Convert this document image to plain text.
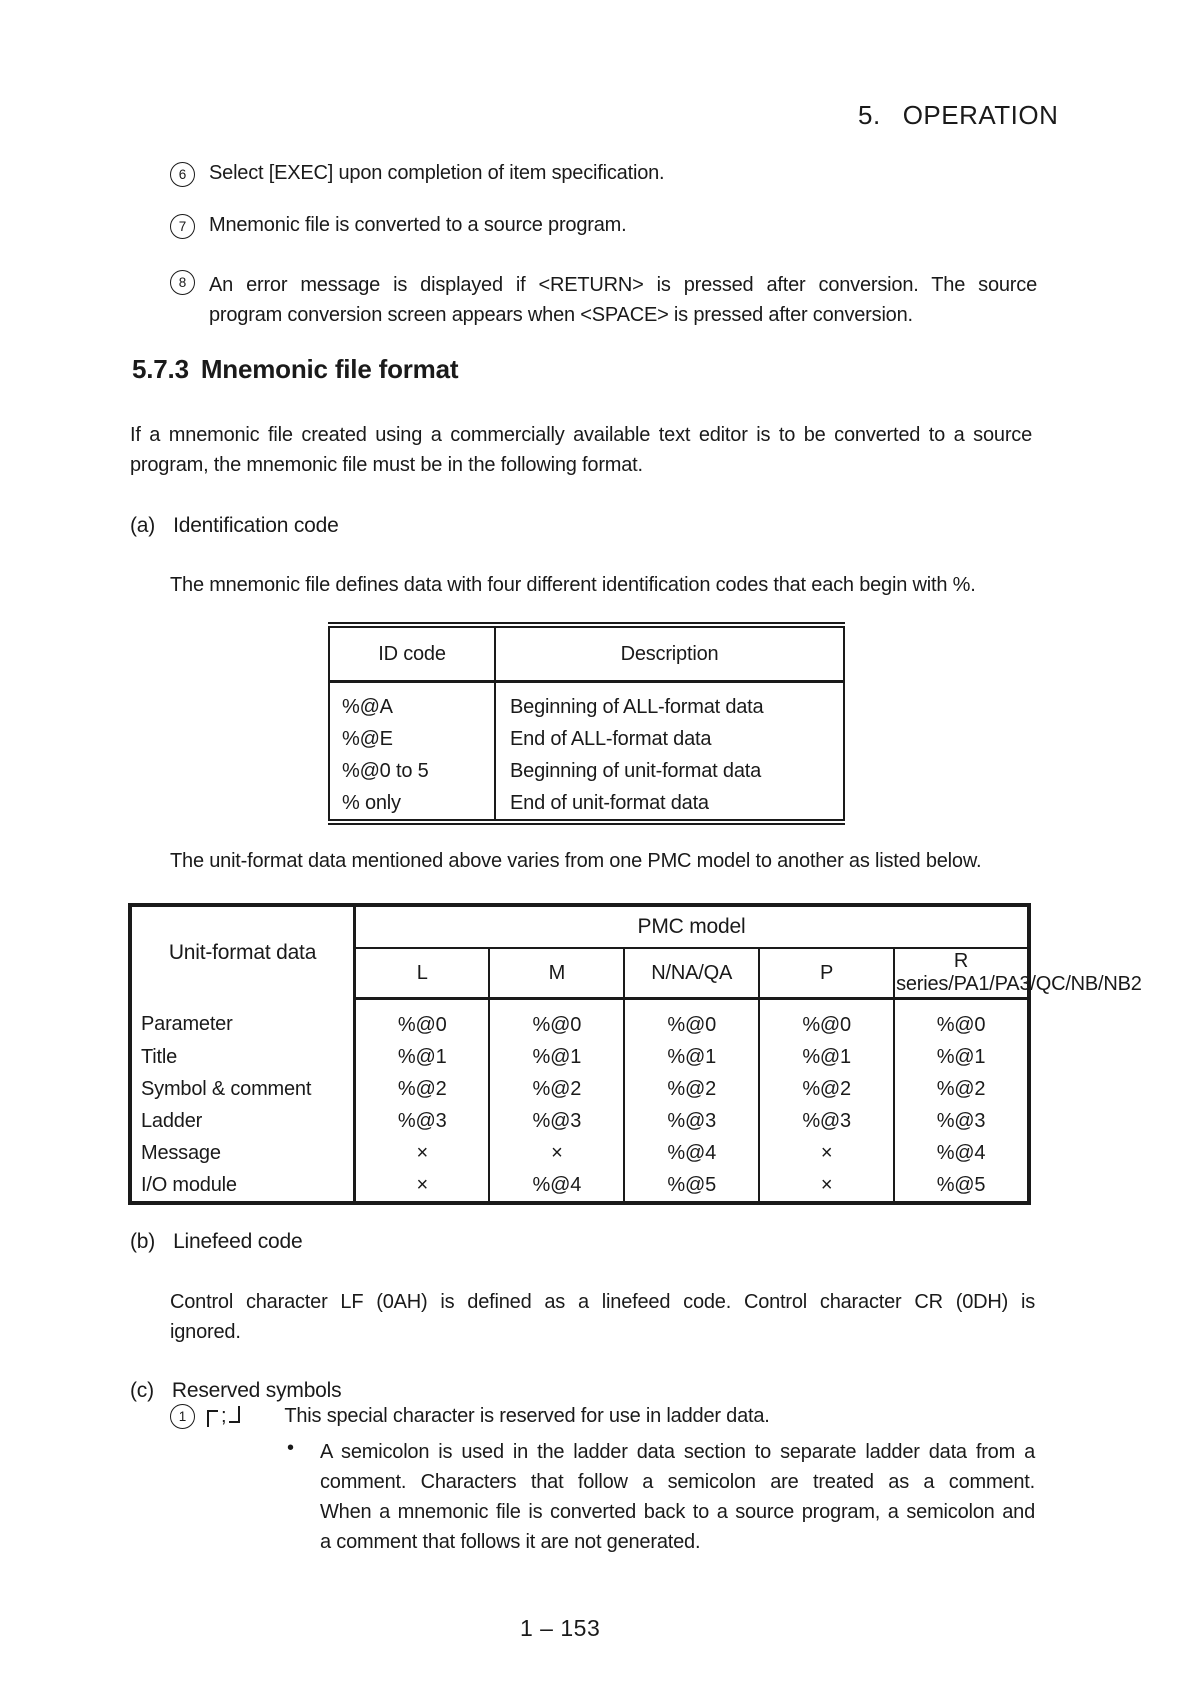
5. OPERATION
6	Select [EXEC] upon completion of item specification.
7	Mnemonic file is converted to a source program.
8	An error message is displayed if <RETURN> is pressed after conversion. The source
program conversion screen appears when <SPACE> is pressed after conversion.
5.7.3 Mnemonic file format
If a mnemonic file created using a commercially available text editor is to be converted to a source
program, the mnemonic file must be in the following format.
(a) Identification code
The mnemonic file defines data with four different identification codes that each begin with %.
ID code	Description
%@A	Beginning of ALL-format data
%@E	End of ALL-format data
%@0 to 5	Beginning of unit-format data
% only	End of unit-format data
The unit-format data mentioned above varies from one PMC model to another as listed below.
Unit-format data	PMC model				
	L	M	N/NA/QA	P	R series/PA1/PA3/QC/NB/NB2
Parameter	%@0	%@0	%@0	%@0	%@0
Title	%@1	%@1	%@1	%@1	%@1
Symbol & comment	%@2	%@2	%@2	%@2	%@2
Ladder	%@3	%@3	%@3	%@3	%@3
Message	×	×	%@4	×	%@4
I/O module	×	%@4	%@5	×	%@5
(b) Linefeed code
Control character LF (0AH) is defined as a linefeed code. Control character CR (0DH) is
ignored.
(c) Reserved symbols
1	;	This special character is reserved for use in ladder data.
• A semicolon is used in the ladder data section to separate ladder data from a
comment. Characters that follow a semicolon are treated as a comment.
When a mnemonic file is converted back to a source program, a semicolon and
a comment that follows it are not generated.
1 – 153
